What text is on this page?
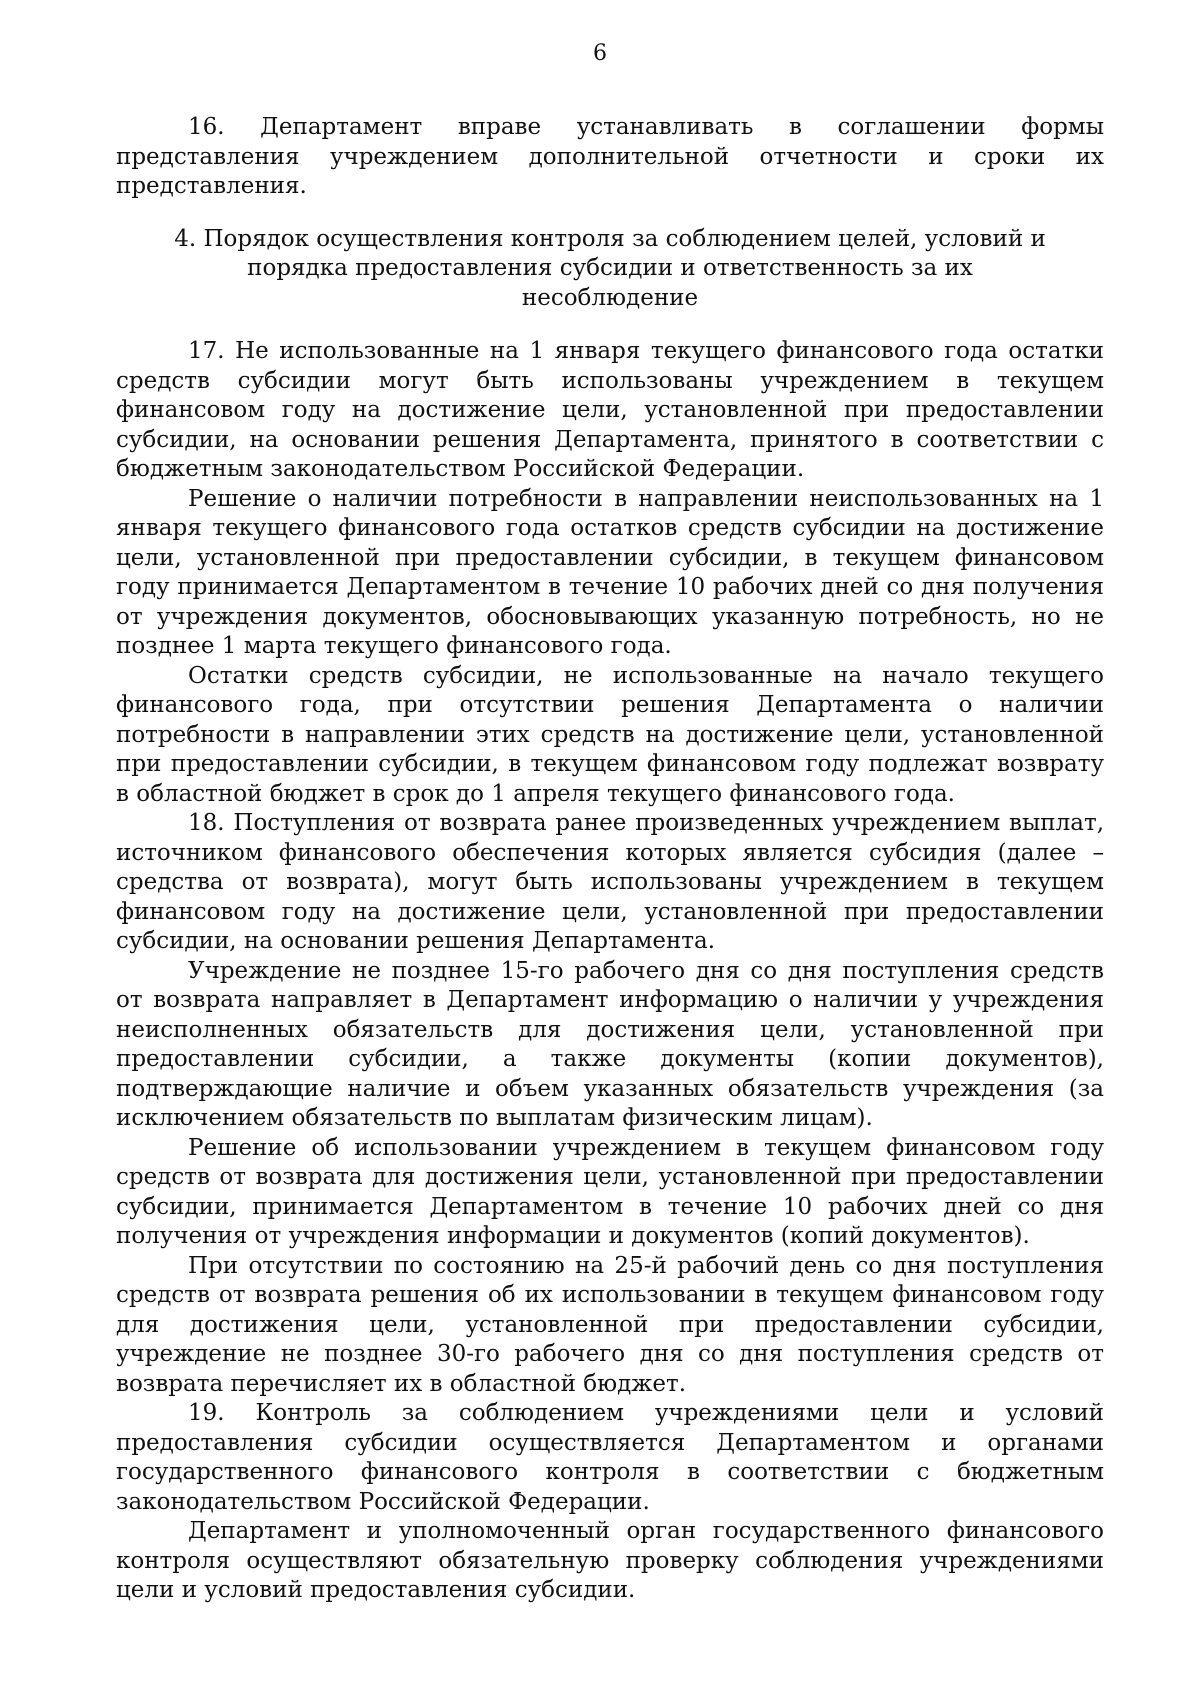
6

16. Департамент вправе устанавливать в соглашении формы представления учреждением дополнительной отчетности и сроки их представления.

4. Порядок осуществления контроля за соблюдением целей, условий и порядка предоставления субсидии и ответственность за их несоблюдение

17. Не использованные на 1 января текущего финансового года остатки средств субсидии могут быть использованы учреждением в текущем финансовом году на достижение цели, установленной при предоставлении субсидии, на основании решения Департамента, принятого в соответствии с бюджетным законодательством Российской Федерации.

Решение о наличии потребности в направлении неиспользованных на 1 января текущего финансового года остатков средств субсидии на достижение цели, установленной при предоставлении субсидии, в текущем финансовом году принимается Департаментом в течение 10 рабочих дней со дня получения от учреждения документов, обосновывающих указанную потребность, но не позднее 1 марта текущего финансового года.

Остатки средств субсидии, не использованные на начало текущего финансового года, при отсутствии решения Департамента о наличии потребности в направлении этих средств на достижение цели, установленной при предоставлении субсидии, в текущем финансовом году подлежат возврату в областной бюджет в срок до 1 апреля текущего финансового года.

18. Поступления от возврата ранее произведенных учреждением выплат, источником финансового обеспечения которых является субсидия (далее – средства от возврата), могут быть использованы учреждением в текущем финансовом году на достижение цели, установленной при предоставлении субсидии, на основании решения Департамента.

Учреждение не позднее 15-го рабочего дня со дня поступления средств от возврата направляет в Департамент информацию о наличии у учреждения неисполненных обязательств для достижения цели, установленной при предоставлении субсидии, а также документы (копии документов), подтверждающие наличие и объем указанных обязательств учреждения (за исключением обязательств по выплатам физическим лицам).

Решение об использовании учреждением в текущем финансовом году средств от возврата для достижения цели, установленной при предоставлении субсидии, принимается Департаментом в течение 10 рабочих дней со дня получения от учреждения информации и документов (копий документов).

При отсутствии по состоянию на 25-й рабочий день со дня поступления средств от возврата решения об их использовании в текущем финансовом году для достижения цели, установленной при предоставлении субсидии, учреждение не позднее 30-го рабочего дня со дня поступления средств от возврата перечисляет их в областной бюджет.

19. Контроль за соблюдением учреждениями цели и условий предоставления субсидии осуществляется Департаментом и органами государственного финансового контроля в соответствии с бюджетным законодательством Российской Федерации.

Департамент и уполномоченный орган государственного финансового контроля осуществляют обязательную проверку соблюдения учреждениями цели и условий предоставления субсидии.
